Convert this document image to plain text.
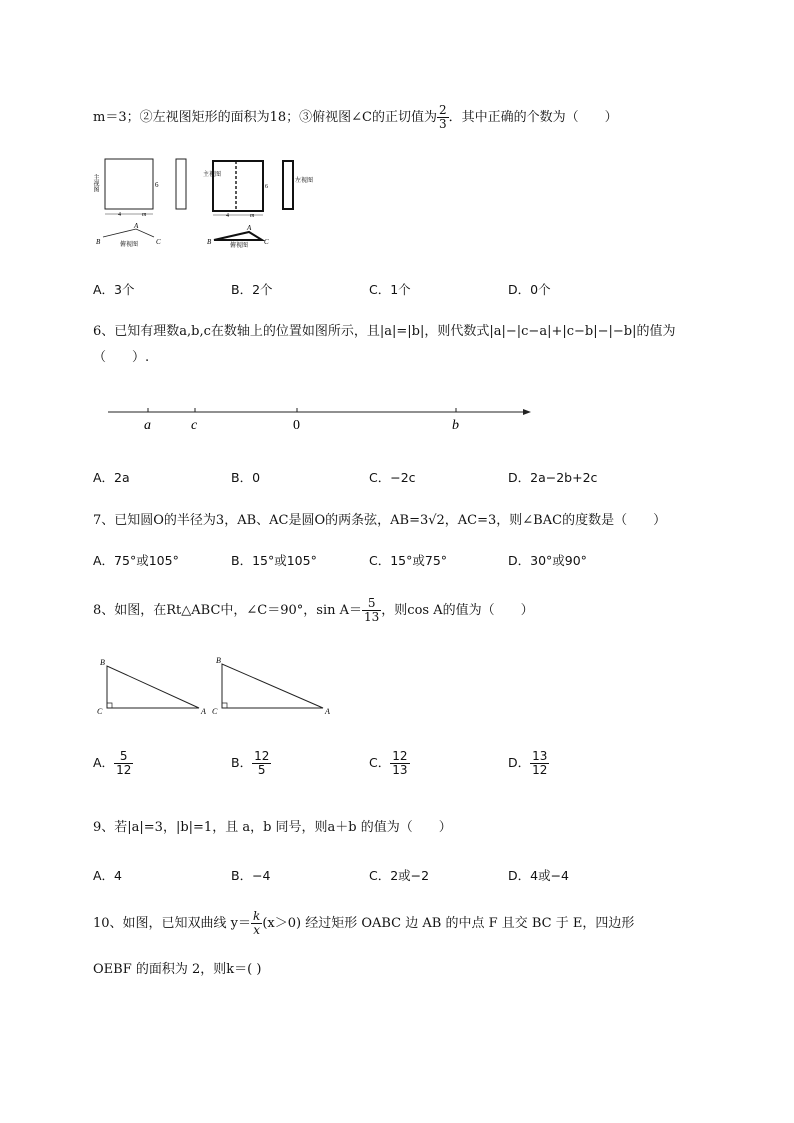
m＝3；②左视图矩形的面积为18；③俯视图∠C的正切值为 $\frac{2}{3}$ ．其中正确的个数为（　　）
主视图	6
4	m
A
B	C
俯视图
主视图
6
4	m
左视图
A
B	C
俯视图
A．3个	B．2个	C．1个	D．0个
6、已知有理数a,b,c在数轴上的位置如图所示，且|a|=|b|，则代数式|a|−|c−a|+|c−b|−|−b|的值为
（　　）.
a	c	0	b
A．2a	B．0	C．−2c	D．2a−2b+2c
7、已知圆O的半径为3，AB、AC是圆O的两条弦，AB=3√2，AC=3，则∠BAC的度数是（　　）
A．75°或105°	B．15°或105°	C．15°或75°	D．30°或90°
8、如图，在Rt△ABC中，∠C＝90°，$\sin A= \frac{5}{13}$ ，则cos A的值为（　　）
B
C	A
B
C	A
A． $\frac{5}{12}$	B． $\frac{12}{5}$	C． $\frac{12}{13}$	D． $\frac{13}{12}$
9、若|a|=3，|b|=1，且 a，b 同号，则a＋b 的值为（　　）
A．4	B．−4	C．2或−2	D．4或−4
10、如图，已知双曲线 $y= \frac{k}{x} (x>0)$ 经过矩形 OABC 边 AB 的中点 F 且交 BC 于 E，四边形
OEBF 的面积为 2，则k＝( )
